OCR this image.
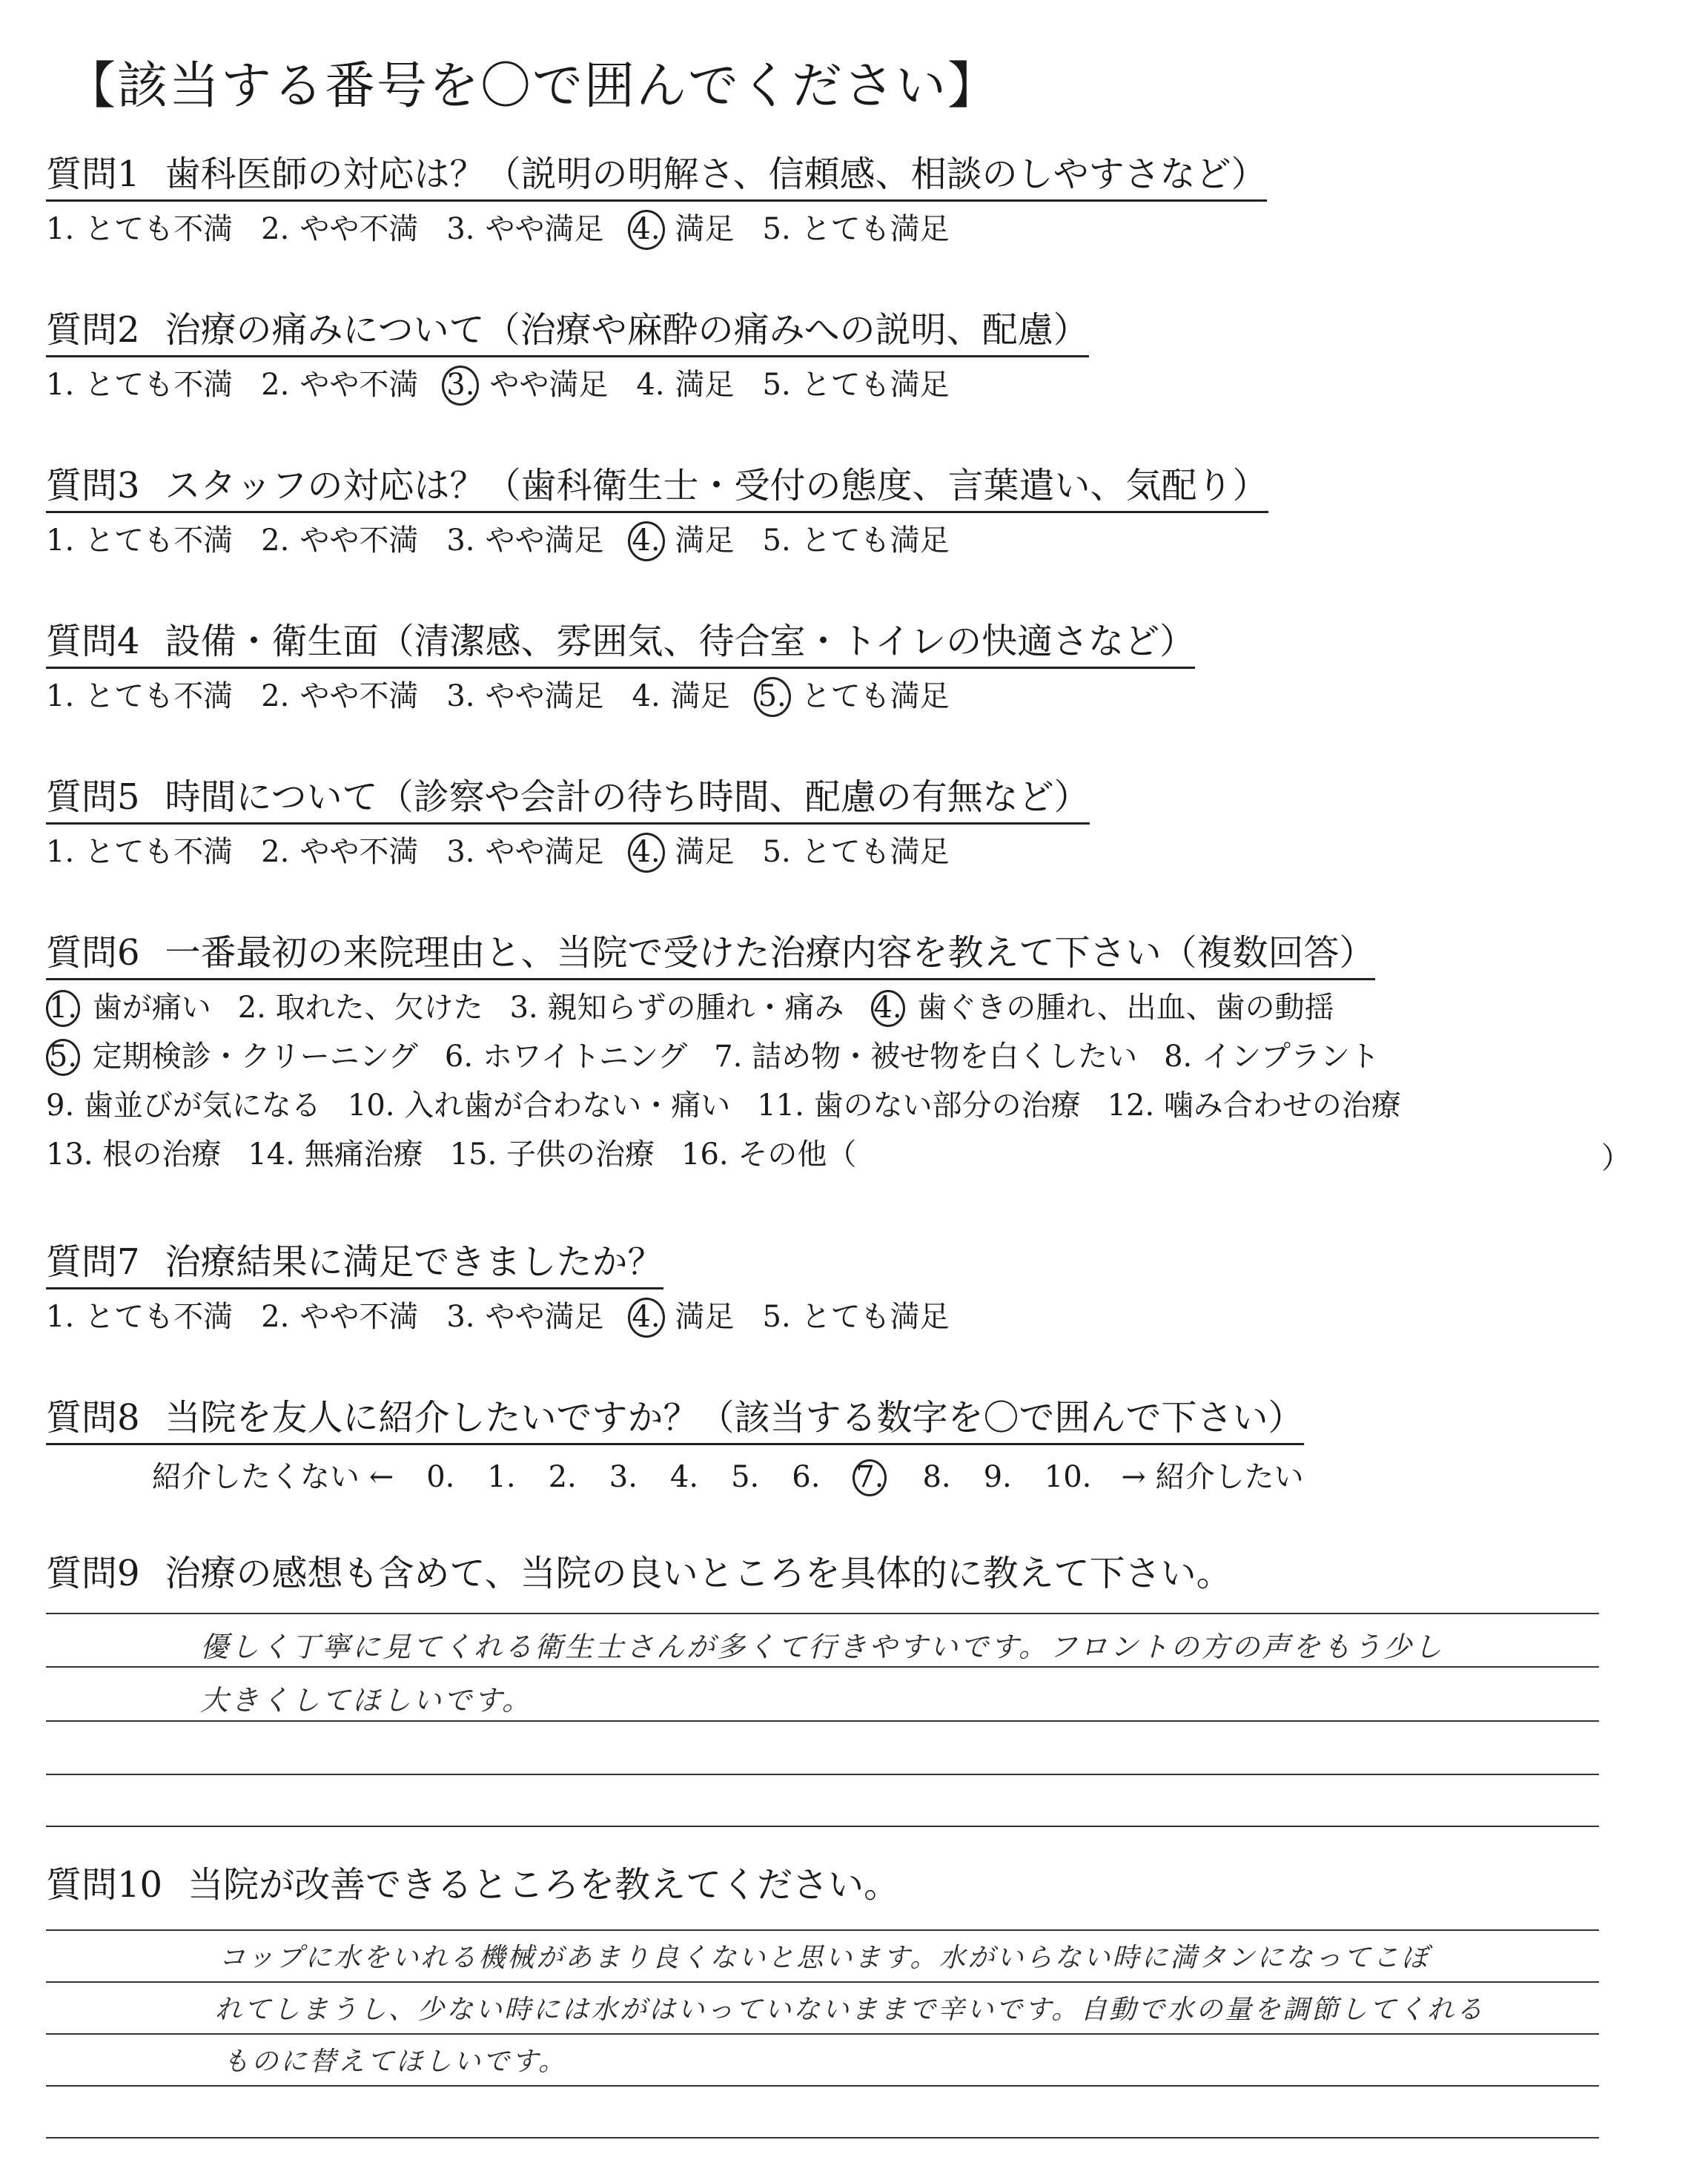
【該当する番号を〇で囲んでください】
質問1 歯科医師の対応は？（説明の明解さ、信頼感、相談のしやすさなど）
1. とても不満 2. やや不満 3. やや満足 4. 満足 5. とても満足
質問2 治療の痛みについて（治療や麻酔の痛みへの説明、配慮）
1. とても不満 2. やや不満 3. やや満足 4. 満足 5. とても満足
質問3 スタッフの対応は？（歯科衛生士・受付の態度、言葉遣い、気配り）
1. とても不満 2. やや不満 3. やや満足 4. 満足 5. とても満足
質問4 設備・衛生面（清潔感、雰囲気、待合室・トイレの快適さなど）
1. とても不満 2. やや不満 3. やや満足 4. 満足 5. とても満足
質問5 時間について（診察や会計の待ち時間、配慮の有無など）
1. とても不満 2. やや不満 3. やや満足 4. 満足 5. とても満足
質問6 一番最初の来院理由と、当院で受けた治療内容を教えて下さい（複数回答）
1. 歯が痛い 2. 取れた、欠けた 3. 親知らずの腫れ・痛み 4. 歯ぐきの腫れ、出血、歯の動揺
5. 定期検診・クリーニング 6. ホワイトニング 7. 詰め物・被せ物を白くしたい 8. インプラント
9. 歯並びが気になる 10. 入れ歯が合わない・痛い 11. 歯のない部分の治療 12. 噛み合わせの治療
13. 根の治療 14. 無痛治療 15. 子供の治療 16. その他（	）
質問7 治療結果に満足できましたか？
1. とても不満 2. やや不満 3. やや満足 4. 満足 5. とても満足
質問8 当院を友人に紹介したいですか？（該当する数字を〇で囲んで下さい）
紹介したくない ← 0. 1. 2. 3. 4. 5. 6. 7. 8. 9. 10. → 紹介したい
質問9 治療の感想も含めて、当院の良いところを具体的に教えて下さい。
優しく丁寧に見てくれる衛生士さんが多くて行きやすいです。フロントの方の声をもう少し
大きくしてほしいです。
質問10 当院が改善できるところを教えてください。
コップに水をいれる機械があまり良くないと思います。水がいらない時に満タンになってこぼ
れてしまうし、少ない時には水がはいっていないままで辛いです。自動で水の量を調節してくれる
ものに替えてほしいです。
